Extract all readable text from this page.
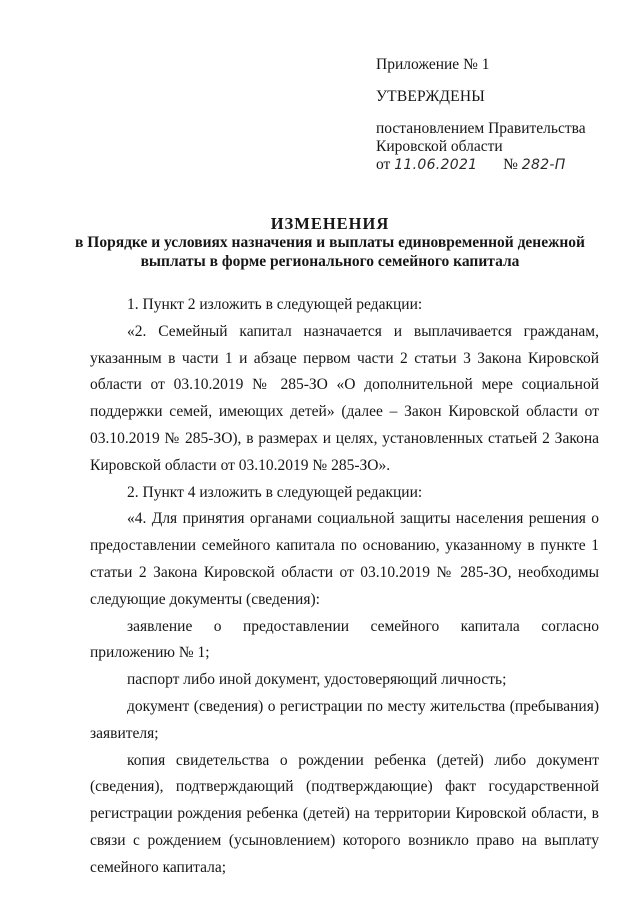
Приложение № 1
УТВЕРЖДЕНЫ
постановлением Правительства
Кировской области
от 11.06.2021 № 282-П
ИЗМЕНЕНИЯ
в Порядке и условиях назначения и выплаты единовременной денежной
выплаты в форме регионального семейного капитала

1. Пункт 2 изложить в следующей редакции:

«2. Семейный капитал назначается и выплачивается гражданам, указанным в части 1 и абзаце первом части 2 статьи 3 Закона Кировской области от 03.10.2019 № 285-ЗО «О дополнительной мере социальной поддержки семей, имеющих детей» (далее – Закон Кировской области от 03.10.2019 № 285-ЗО), в размерах и целях, установленных статьей 2 Закона Кировской области от 03.10.2019 № 285-ЗО».

2. Пункт 4 изложить в следующей редакции:

«4. Для принятия органами социальной защиты населения решения о предоставлении семейного капитала по основанию, указанному в пункте 1 статьи 2 Закона Кировской области от 03.10.2019 № 285-ЗО, необходимы следующие документы (сведения):

заявление о предоставлении семейного капитала согласно приложению № 1;

паспорт либо иной документ, удостоверяющий личность;

документ (сведения) о регистрации по месту жительства (пребывания) заявителя;

копия свидетельства о рождении ребенка (детей) либо документ (сведения), подтверждающий (подтверждающие) факт государственной регистрации рождения ребенка (детей) на территории Кировской области, в связи с рождением (усыновлением) которого возникло право на выплату семейного капитала;
